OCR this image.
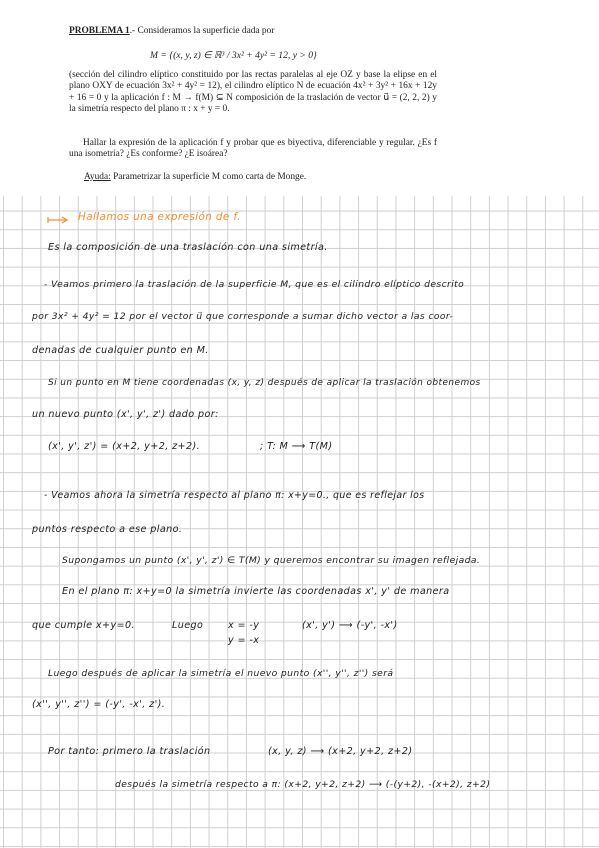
PROBLEMA 1.- Consideramos la superficie dada por

M = {(x, y, z) ∈ ℝ³ / 3x² + 4y² = 12, y > 0}

(sección del cilindro elíptico constituido por las rectas paralelas al eje OZ y base la elipse en el plano OXY de ecuación 3x² + 4y² = 12), el cilindro elíptico N de ecuación 4x² + 3y² + 16x + 12y + 16 = 0 y la aplicación f : M → f(M) ⊆ N composición de la traslación de vector u⃗ = (2, 2, 2) y la simetría respecto del plano π : x + y = 0.

Hallar la expresión de la aplicación f y probar que es biyectiva, diferenciable y regular. ¿Es f una isometría? ¿Es conforme? ¿E isoárea?

Ayuda: Parametrizar la superficie M como carta de Monge.

Hallamos una expresión de f.

Es la composición de una traslación con una simetría.

- Veamos primero la traslación de la superficie M, que es el cilindro elíptico descrito

por 3x² + 4y² = 12 por el vector u⃗ que corresponde a sumar dicho vector a las coor-

denadas de cualquier punto en M.

Si un punto en M tiene coordenadas (x, y, z) después de aplicar la traslación obtenemos

un nuevo punto (x', y', z') dado por:

(x', y', z') = (x+2, y+2, z+2).	; T: M ⟶ T(M)

- Veamos ahora la simetría respecto al plano π: x+y=0., que es reflejar los

puntos respecto a ese plano.

Supongamos un punto (x', y', z') ∈ T(M) y queremos encontrar su imagen reflejada.

En el plano π: x+y=0 la simetría invierte las coordenadas x', y' de manera

que cumple x+y=0.	Luego	x = -y	(x', y') ⟶ (-y', -x')

y = -x

Luego después de aplicar la simetría el nuevo punto (x'', y'', z'') será

(x'', y'', z'') = (-y', -x', z').

Por tanto: primero la traslación	(x, y, z) ⟶ (x+2, y+2, z+2)

después la simetría respecto a π: (x+2, y+2, z+2) ⟶ (-(y+2), -(x+2), z+2)
